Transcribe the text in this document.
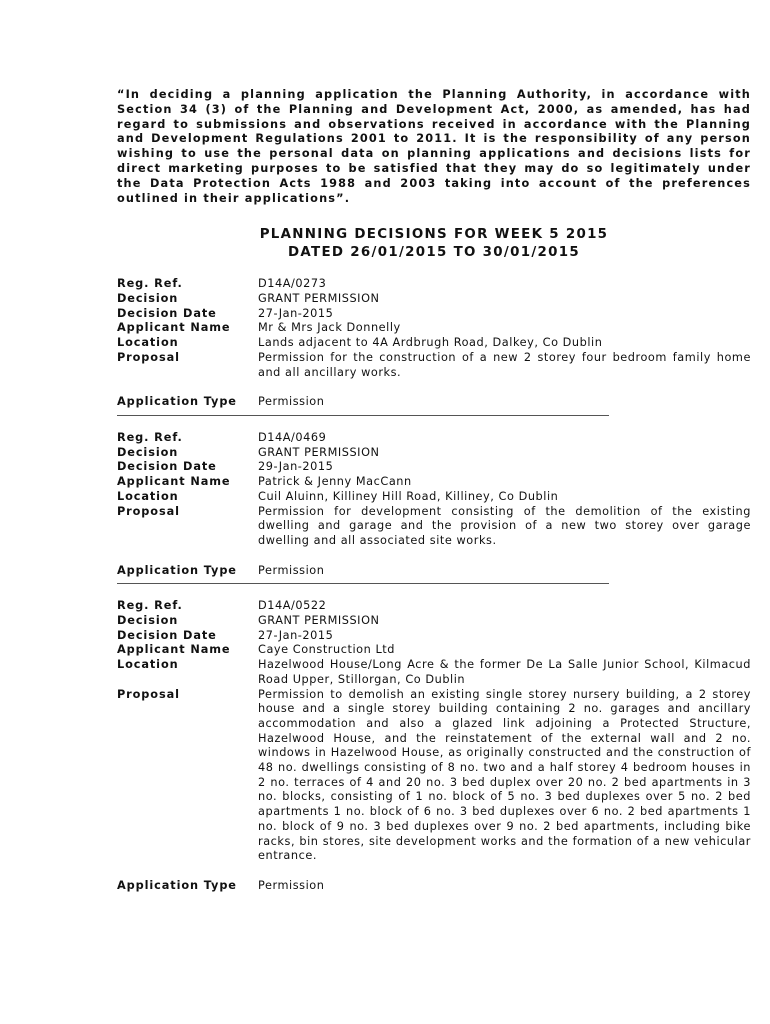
“In deciding a planning application the Planning Authority, in accordance with Section 34 (3) of the Planning and Development Act, 2000, as amended, has had regard to submissions and observations received in accordance with the Planning and Development Regulations 2001 to 2011. It is the responsibility of any person wishing to use the personal data on planning applications and decisions lists for direct marketing purposes to be satisfied that they may do so legitimately under the Data Protection Acts 1988 and 2003 taking into account of the preferences outlined in their applications”.

PLANNING DECISIONS FOR WEEK 5 2015
DATED 26/01/2015 TO 30/01/2015
Reg. Ref.	D14A/0273
Decision	GRANT PERMISSION
Decision Date	27-Jan-2015
Applicant Name	Mr & Mrs Jack Donnelly
Location	Lands adjacent to 4A Ardbrugh Road, Dalkey, Co Dublin
Proposal	Permission for the construction of a new 2 storey four bedroom family home and all ancillary works.
Application Type	Permission
Reg. Ref.	D14A/0469
Decision	GRANT PERMISSION
Decision Date	29-Jan-2015
Applicant Name	Patrick & Jenny MacCann
Location	Cuil Aluinn, Killiney Hill Road, Killiney, Co Dublin
Proposal	Permission for development consisting of the demolition of the existing dwelling and garage and the provision of a new two storey over garage dwelling and all associated site works.
Application Type	Permission
Reg. Ref.	D14A/0522
Decision	GRANT PERMISSION
Decision Date	27-Jan-2015
Applicant Name	Caye Construction Ltd
Location	Hazelwood House/Long Acre & the former De La Salle Junior School, Kilmacud Road Upper, Stillorgan, Co Dublin
Proposal	Permission to demolish an existing single storey nursery building, a 2 storey house and a single storey building containing 2 no. garages and ancillary accommodation and also a glazed link adjoining a Protected Structure, Hazelwood House, and the reinstatement of the external wall and 2 no. windows in Hazelwood House, as originally constructed and the construction of 48 no. dwellings consisting of 8 no. two and a half storey 4 bedroom houses in 2 no. terraces of 4 and 20 no. 3 bed duplex over 20 no. 2 bed apartments in 3 no. blocks, consisting of 1 no. block of 5 no. 3 bed duplexes over 5 no. 2 bed apartments 1 no. block of 6 no. 3 bed duplexes over 6 no. 2 bed apartments 1 no. block of 9 no. 3 bed duplexes over 9 no. 2 bed apartments, including bike racks, bin stores, site development works and the formation of a new vehicular entrance.
Application Type	Permission
